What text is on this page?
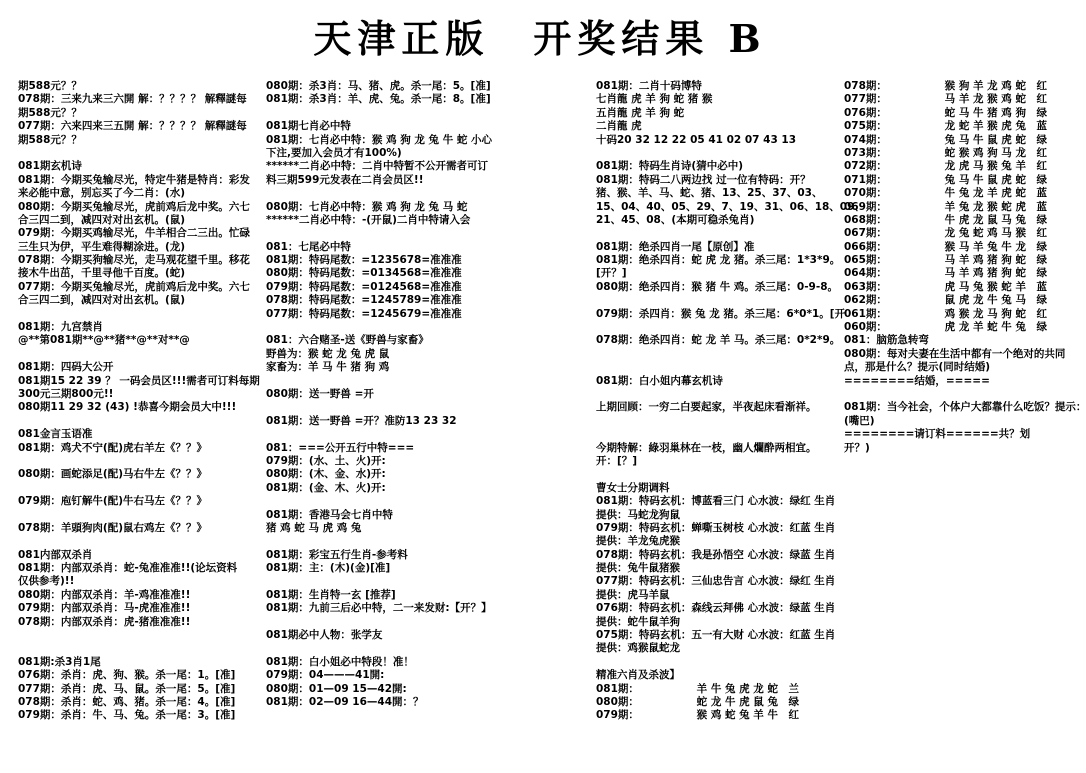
天津正版　开奖结果 B
期588元？？
078期：三来九来三六開 解：？？？？ 解釋謎每
期588元？？
077期：六来四来三五開 解：？？？？ 解釋謎每
期588元？？
081期玄机诗
081期：今期买兔输尽光，特定牛猪是特肖：彩发
来必能中意，别忘买了今二肖：(水)
080期：今期买兔输尽光，虎前鸡后龙中奖。六七
合三四二到，减四对对出玄机。(鼠)
079期：今期买鸡输尽光，牛羊相合二三出。忙碌
三生只为伊，平生难得糊涂进。(龙)
078期：今期买狗输尽光，走马观花望千里。移花
接木牛出茁，千里寻他千百度。(蛇)
077期：今期买兔输尽光，虎前鸡后龙中奖。六七
合三四二到，减四对对出玄机。(鼠)
081期：九宫禁肖
@**第081期**@**猪**@**对**@
081期：四码大公开
081期15 22 39 ？ 一码会员区!!!需者可订料每期
300元三期800元!!
080期11 29 32 (43) !恭喜今期会员大中!!!
081金言玉语准
081期：鸡犬不宁(配)虎右羊左《？？》
080期：画蛇添足(配)马右牛左《？？》
079期：庖钉解牛(配)牛右马左《？？》
078期：羊頭狗肉(配)鼠右鸡左《？？》
081内部双杀肖
081期：内部双杀肖：蛇-兔准准准!!(论坛资料
仅供参考)!!
080期：内部双杀肖：羊-鸡准准准!!
079期：内部双杀肖：马-虎准准准!!
078期：内部双杀肖：虎-猪准准准!!
081期:杀3肖1尾
076期：杀肖：虎、狗、猴。杀一尾：1。[准]
077期：杀肖：虎、马、鼠。杀一尾：5。[准]
078期：杀肖：蛇、鸡、猪。杀一尾：4。[准]
079期：杀肖：牛、马、兔。杀一尾：3。[准]
080期：杀3肖：马、猪、虎。杀一尾：5。[准]
081期：杀3肖：羊、虎、兔。杀一尾：8。[准]
081期七肖必中特
081期：七肖必中特：猴 鸡 狗 龙 兔 牛 蛇 小心
下注,要加入会员才有100%)
******二肖必中特：二肖中特暂不公开需者可订
料三期599元发表在二肖会员区!!
080期：七肖必中特：猴 鸡 狗 龙 兔 马 蛇
******二肖必中特：-(开鼠)二肖中特请入会
081：七尾必中特
081期：特码尾数：=1235678=准准准
080期：特码尾数：=0134568=准准准
079期：特码尾数：=0124568=准准准
078期：特码尾数：=1245789=准准准
077期：特码尾数：=1245679=准准准
081：六合赌圣-送《野兽与家畜》
野兽为：猴 蛇 龙 兔 虎 鼠
家畜为：羊 马 牛 猪 狗 鸡
080期：送一野兽 =开
081期：送一野兽 =开？准防13 23 32
081：===公开五行中特===
079期：(水、土、火)开:
080期：(木、金、水)开:
081期：(金、木、火)开:
081期：香港马会七肖中特
猪 鸡 蛇 马 虎 鸡 兔
081期：彩宝五行生肖-参考料
081期：主：(木)(金)[准]
081期：生肖特一玄 [推荐]
081期：九前三后必中特，二一来发财:【开？】
081期必中人物：张学友
081期：白小姐必中特段！准！
079期：04———41開:
080期：01—09 15—42開:
081期：02—09 16—44開：？
081期：二肖十码博特
七肖龍 虎 羊 狗 蛇 猪 猴
五肖龍 虎 羊 狗 蛇
二肖龍 虎
十码20 32 12 22 05 41 02 07 43 13
081期：特码生肖诗(猜中必中)
081期：特码二八两边找 过一位有特码：开？
猪、猴、羊、马、蛇、猪、13、25、37、03、
15、04、40、05、29、7、19、31、06、18、09、
21、45、08、(本期可稳杀兔肖)
081期：绝杀四肖一尾【原创】准
081期：绝杀四肖：蛇 虎 龙 猪。杀三尾：1*3*9。
[开？]
080期：绝杀四肖：猴 猪 牛 鸡。杀三尾：0-9-8。
079期：杀四肖：猴 兔 龙 猪。杀三尾：6*0*1。[开
078期：绝杀四肖：蛇 龙 羊 马。杀三尾：0*2*9。
081期：白小姐内幕玄机诗
上期回顾：一穷二白要起家，半夜起床看渐祥。
今期特解：綠羽巢林在一枝，幽人爛酔两相宜。
开：[？]
曹女士分期调料
081期：特码玄机：博蓝看三门 心水波：绿红 生肖
提供：马蛇龙狗鼠
079期：特码玄机：蝉嘶玉树枝 心水波：红蓝 生肖
提供：羊龙兔虎猴
078期：特码玄机：我是孙悟空 心水波：绿蓝 生肖
提供：兔牛鼠猪猴
077期：特码玄机：三仙忠告言 心水波：绿红 生肖
提供：虎马羊鼠
076期：特码玄机：森线云拜佛 心水波：绿蓝 生肖
提供：蛇牛鼠羊狗
075期：特码玄机：五一有大财 心水波：红蓝 生肖
提供：鸡猴鼠蛇龙
精准六肖及杀波】
081期：　　　　　　羊 牛 兔 虎 龙 蛇　兰
080期：　　　　　　蛇 龙 牛 虎 鼠 兔　绿
079期：　　　　　　猴 鸡 蛇 兔 羊 牛　红
078期：　　　　　　猴 狗 羊 龙 鸡 蛇　红
077期：　　　　　　马 羊 龙 猴 鸡 蛇　红
076期：　　　　　　蛇 马 牛 猪 鸡 狗　绿
075期：　　　　　　龙 蛇 羊 猴 虎 兔　蓝
074期：　　　　　　兔 马 牛 鼠 虎 蛇　绿
073期：　　　　　　蛇 猴 鸡 狗 马 龙　红
072期：　　　　　　龙 虎 马 猴 兔 羊　红
071期：　　　　　　兔 马 牛 鼠 虎 蛇　绿
070期：　　　　　　牛 兔 龙 羊 虎 蛇　蓝
069期：　　　　　　羊 兔 龙 猴 蛇 虎　蓝
068期：　　　　　　牛 虎 龙 鼠 马 兔　绿
067期：　　　　　　龙 兔 蛇 鸡 马 猴　红
066期：　　　　　　猴 马 羊 兔 牛 龙　绿
065期：　　　　　　马 羊 鸡 猪 狗 蛇　绿
064期：　　　　　　马 羊 鸡 猪 狗 蛇　绿
063期：　　　　　　虎 马 兔 猴 蛇 羊　蓝
062期：　　　　　　鼠 虎 龙 牛 兔 马　绿
061期：　　　　　　鸡 猴 龙 马 狗 蛇　红
060期：　　　　　　虎 龙 羊 蛇 牛 兔　绿
081：脑筋急转弯
080期：每对夫妻在生活中都有一个绝对的共同
点，那是什么？提示(同时结婚)
========结婚，=====
081期：当今社会，个体户大都靠什么吃饭？提示：
(嘴巴)
========请订料======共？划
开？)
